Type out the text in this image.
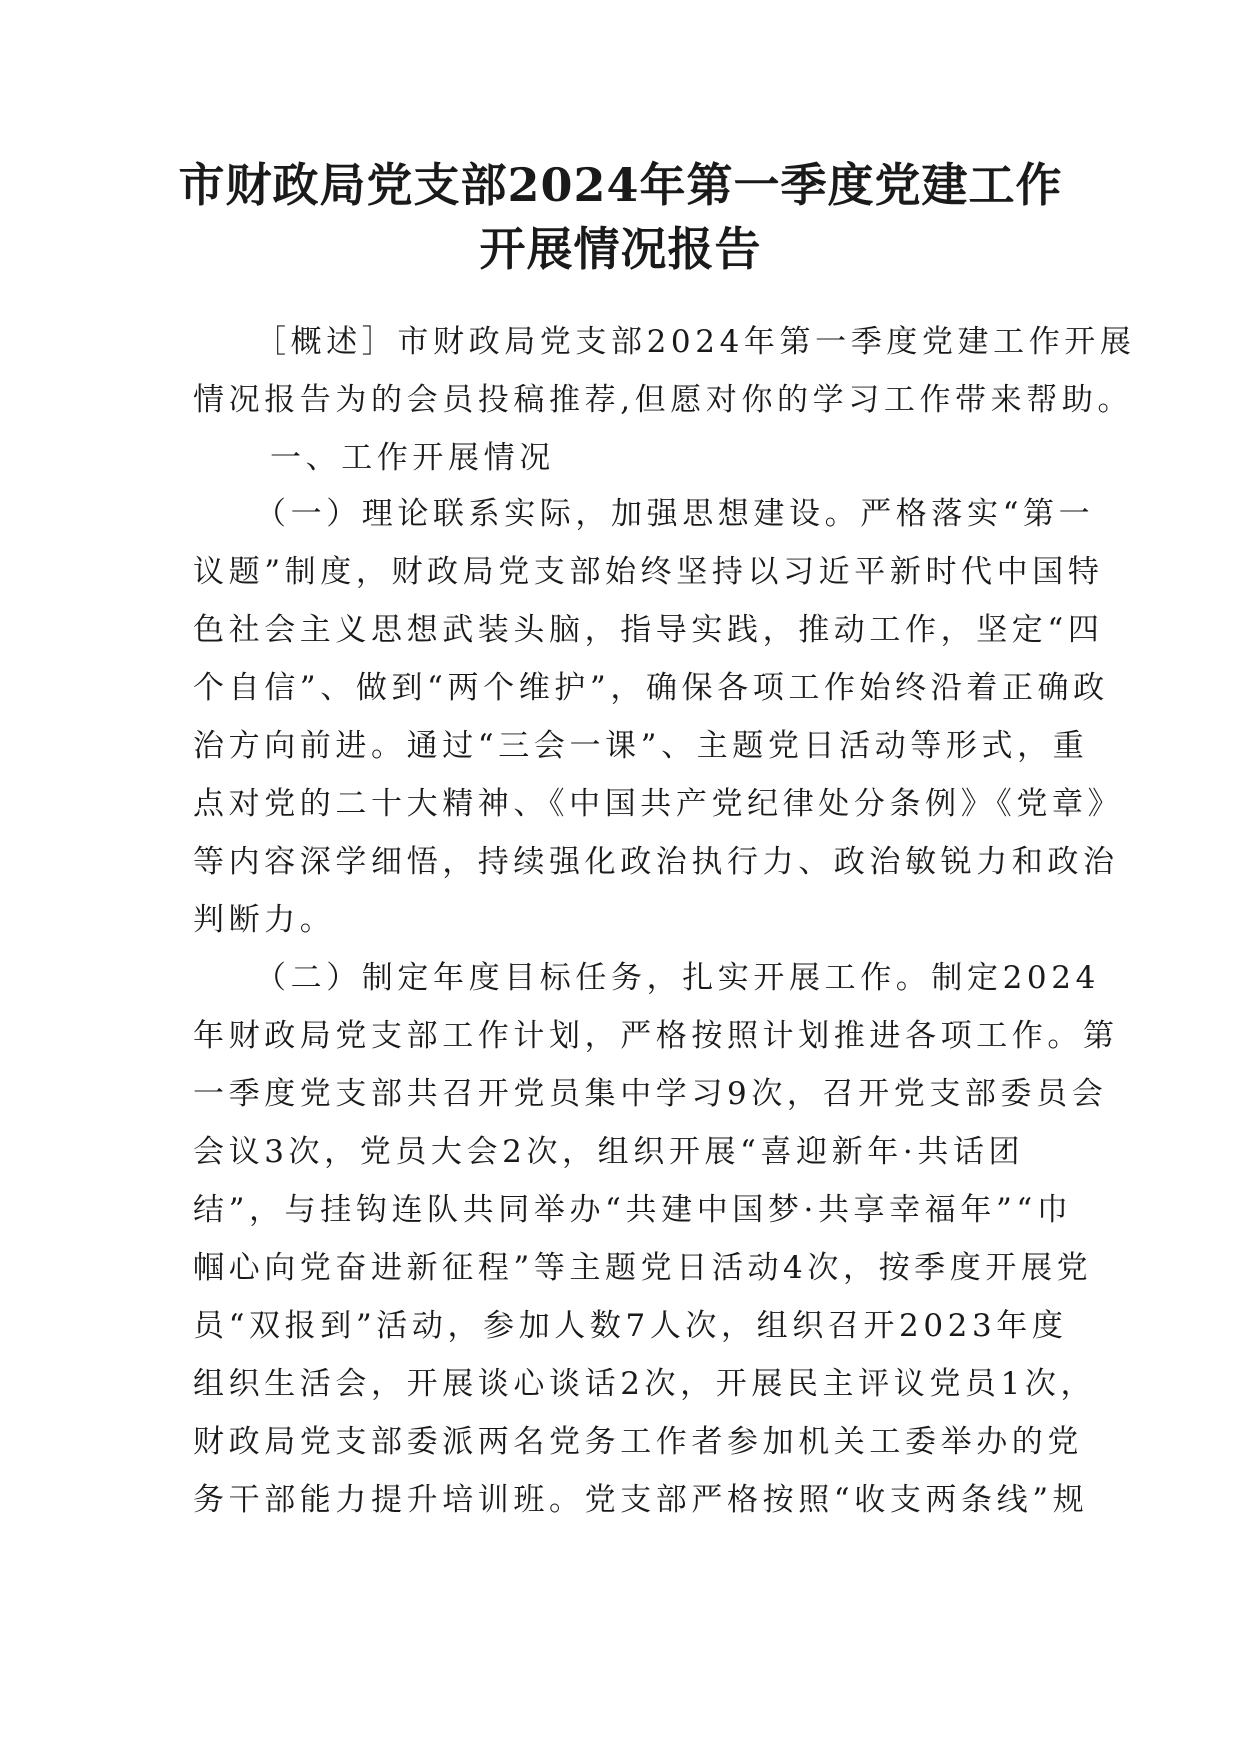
市财政局党支部2024年第一季度党建工作
开展情况报告

［概述］市财政局党支部2024年第一季度党建工作开展

情况报告为的会员投稿推荐,但愿对你的学习工作带来帮助。

一、工作开展情况

（一）理论联系实际，加强思想建设。严格落实“第一

议题”制度，财政局党支部始终坚持以习近平新时代中国特

色社会主义思想武装头脑，指导实践，推动工作，坚定“四

个自信”、做到“两个维护”，确保各项工作始终沿着正确政

治方向前进。通过“三会一课”、主题党日活动等形式，重

点对党的二十大精神、《中国共产党纪律处分条例》《党章》

等内容深学细悟，持续强化政治执行力、政治敏锐力和政治

判断力。

（二）制定年度目标任务，扎实开展工作。制定2024

年财政局党支部工作计划，严格按照计划推进各项工作。第

一季度党支部共召开党员集中学习9次，召开党支部委员会

会议3次，党员大会2次，组织开展“喜迎新年·共话团

结”，与挂钩连队共同举办“共建中国梦·共享幸福年”“巾

帼心向党奋进新征程”等主题党日活动4次，按季度开展党

员“双报到”活动，参加人数7人次，组织召开2023年度

组织生活会，开展谈心谈话2次，开展民主评议党员1次，

财政局党支部委派两名党务工作者参加机关工委举办的党

务干部能力提升培训班。党支部严格按照“收支两条线”规
